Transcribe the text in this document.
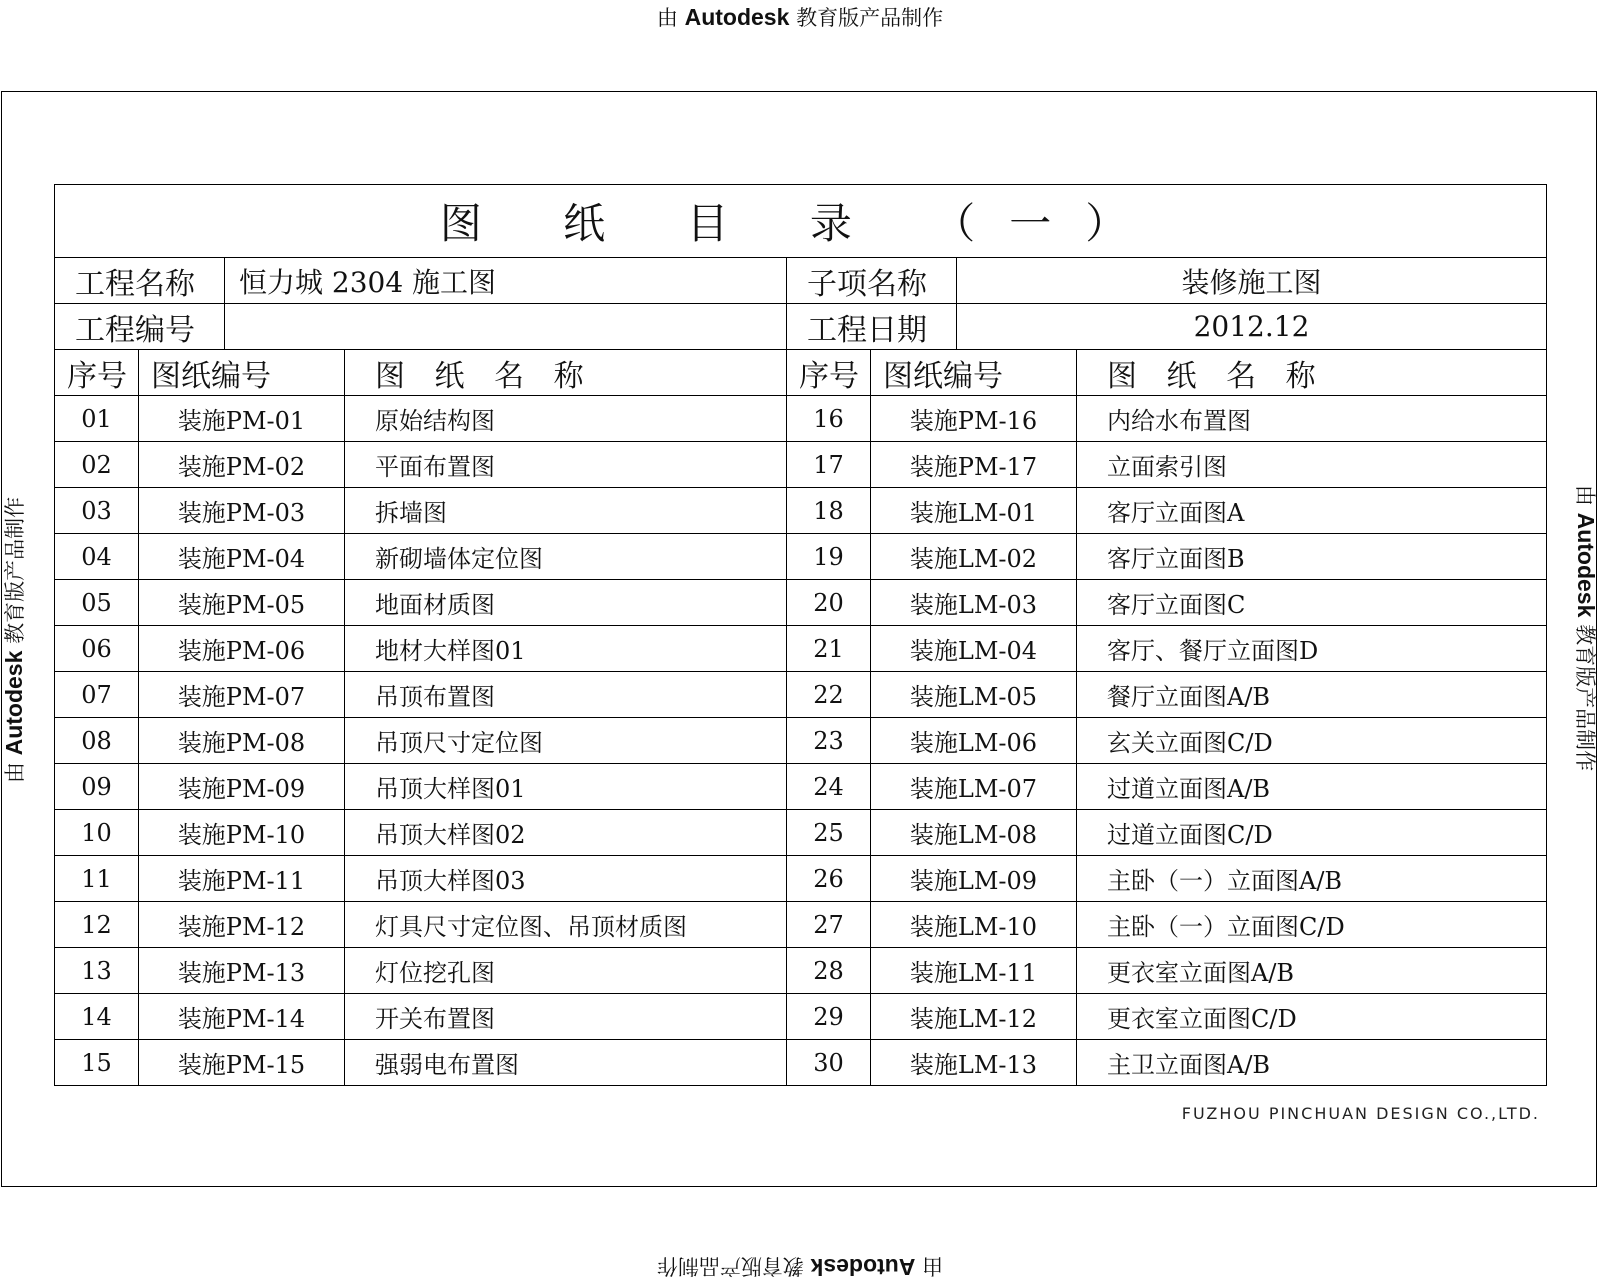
由 Autodesk 教育版产品制作
由 Autodesk 教育版产品制作
由 Autodesk 教育版产品制作
由 Autodesk 教育版产品制作
图 纸 目 录 （一）							
工程名称		恒力城 2304 施工图		子项名称		装修施工图	
工程编号				工程日期		2012.12	
序号	图纸编号		图 纸 名 称	序号	图纸编号		图 纸 名 称
01	装施PM-01		原始结构图	16	装施PM-16		内给水布置图
02	装施PM-02		平面布置图	17	装施PM-17		立面索引图
03	装施PM-03		拆墙图	18	装施LM-01		客厅立面图A
04	装施PM-04		新砌墙体定位图	19	装施LM-02		客厅立面图B
05	装施PM-05		地面材质图	20	装施LM-03		客厅立面图C
06	装施PM-06		地材大样图01	21	装施LM-04		客厅、餐厅立面图D
07	装施PM-07		吊顶布置图	22	装施LM-05		餐厅立面图A/B
08	装施PM-08		吊顶尺寸定位图	23	装施LM-06		玄关立面图C/D
09	装施PM-09		吊顶大样图01	24	装施LM-07		过道立面图A/B
10	装施PM-10		吊顶大样图02	25	装施LM-08		过道立面图C/D
11	装施PM-11		吊顶大样图03	26	装施LM-09		主卧（一）立面图A/B
12	装施PM-12		灯具尺寸定位图、吊顶材质图	27	装施LM-10		主卧（一）立面图C/D
13	装施PM-13		灯位挖孔图	28	装施LM-11		更衣室立面图A/B
14	装施PM-14		开关布置图	29	装施LM-12		更衣室立面图C/D
15	装施PM-15		强弱电布置图	30	装施LM-13		主卫立面图A/B
FUZHOU PINCHUAN DESIGN CO.,LTD.
